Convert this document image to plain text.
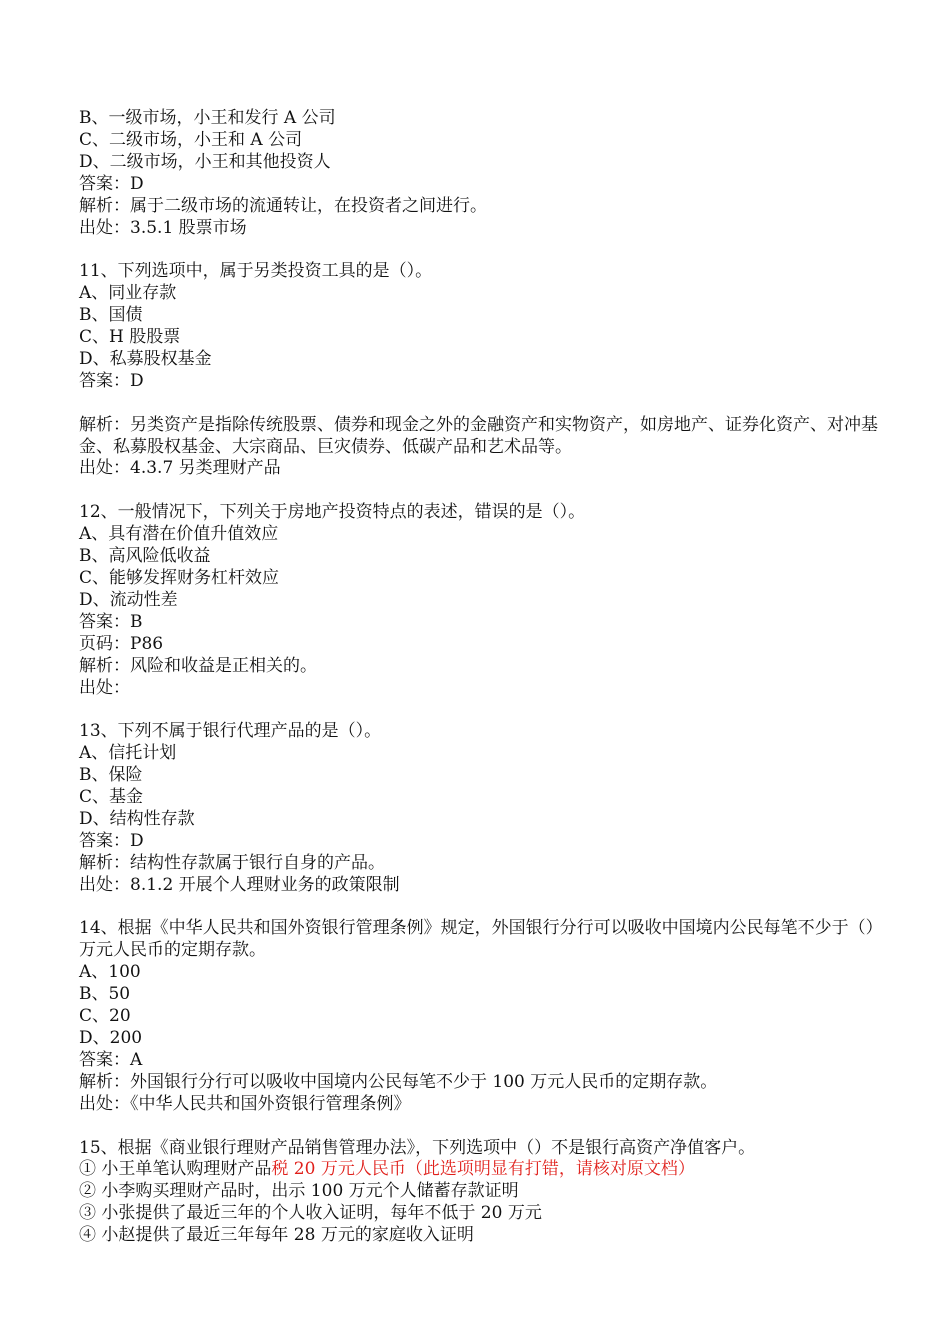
B、一级市场，小王和发行 A 公司
C、二级市场，小王和 A 公司
D、二级市场，小王和其他投资人
答案：D
解析：属于二级市场的流通转让，在投资者之间进行。
出处：3.5.1 股票市场
11、下列选项中，属于另类投资工具的是（）。
A、同业存款
B、国债
C、H 股股票
D、私募股权基金
答案：D
解析：另类资产是指除传统股票、债券和现金之外的金融资产和实物资产，如房地产、证券化资产、对冲基金、私募股权基金、大宗商品、巨灾债券、低碳产品和艺术品等。
出处：4.3.7 另类理财产品
12、一般情况下，下列关于房地产投资特点的表述，错误的是（）。
A、具有潜在价值升值效应
B、高风险低收益
C、能够发挥财务杠杆效应
D、流动性差
答案：B
页码：P86
解析：风险和收益是正相关的。
出处：
13、下列不属于银行代理产品的是（）。
A、信托计划
B、保险
C、基金
D、结构性存款
答案：D
解析：结构性存款属于银行自身的产品。
出处：8.1.2 开展个人理财业务的政策限制
14、根据《中华人民共和国外资银行管理条例》规定，外国银行分行可以吸收中国境内公民每笔不少于（）万元人民币的定期存款。
A、100
B、50
C、20
D、200
答案：A
解析：外国银行分行可以吸收中国境内公民每笔不少于 100 万元人民币的定期存款。
出处：《中华人民共和国外资银行管理条例》
15、根据《商业银行理财产品销售管理办法》，下列选项中（）不是银行高资产净值客户。
① 小王单笔认购理财产品税 20 万元人民币（此选项明显有打错，请核对原文档）
② 小李购买理财产品时，出示 100 万元个人储蓄存款证明
③ 小张提供了最近三年的个人收入证明，每年不低于 20 万元
④ 小赵提供了最近三年每年 28 万元的家庭收入证明
